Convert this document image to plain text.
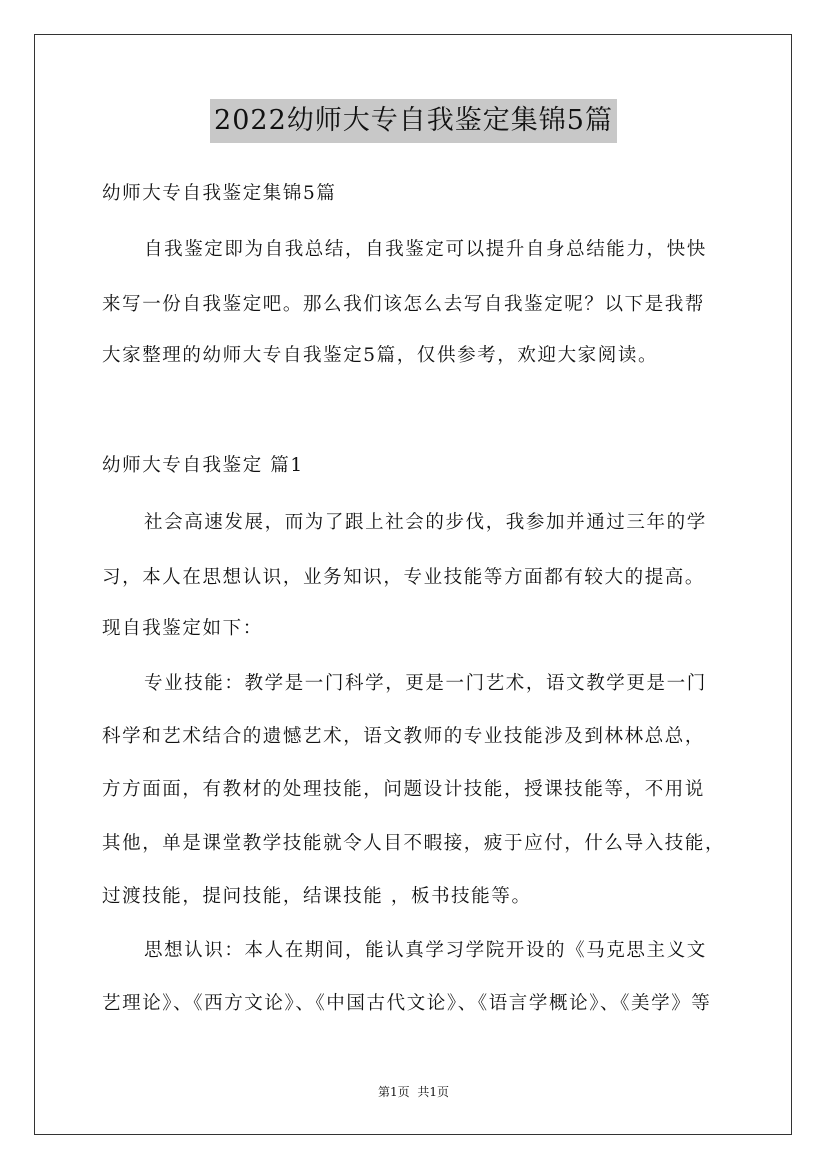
2022幼师大专自我鉴定集锦5篇
幼师大专自我鉴定集锦5篇
自我鉴定即为自我总结，自我鉴定可以提升自身总结能力，快快
来写一份自我鉴定吧。那么我们该怎么去写自我鉴定呢？以下是我帮
大家整理的幼师大专自我鉴定5篇，仅供参考，欢迎大家阅读。
幼师大专自我鉴定 篇1
社会高速发展，而为了跟上社会的步伐，我参加并通过三年的学
习，本人在思想认识，业务知识，专业技能等方面都有较大的提高。
现自我鉴定如下：
专业技能：教学是一门科学，更是一门艺术，语文教学更是一门
科学和艺术结合的遗憾艺术，语文教师的专业技能涉及到林林总总，
方方面面，有教材的处理技能，问题设计技能，授课技能等，不用说
其他，单是课堂教学技能就令人目不暇接，疲于应付，什么导入技能，
过渡技能，提问技能，结课技能 ，板书技能等。
思想认识：本人在期间，能认真学习学院开设的《马克思主义文
艺理论》、《西方文论》、《中国古代文论》、《语言学概论》、《美学》等
第1页 共1页
